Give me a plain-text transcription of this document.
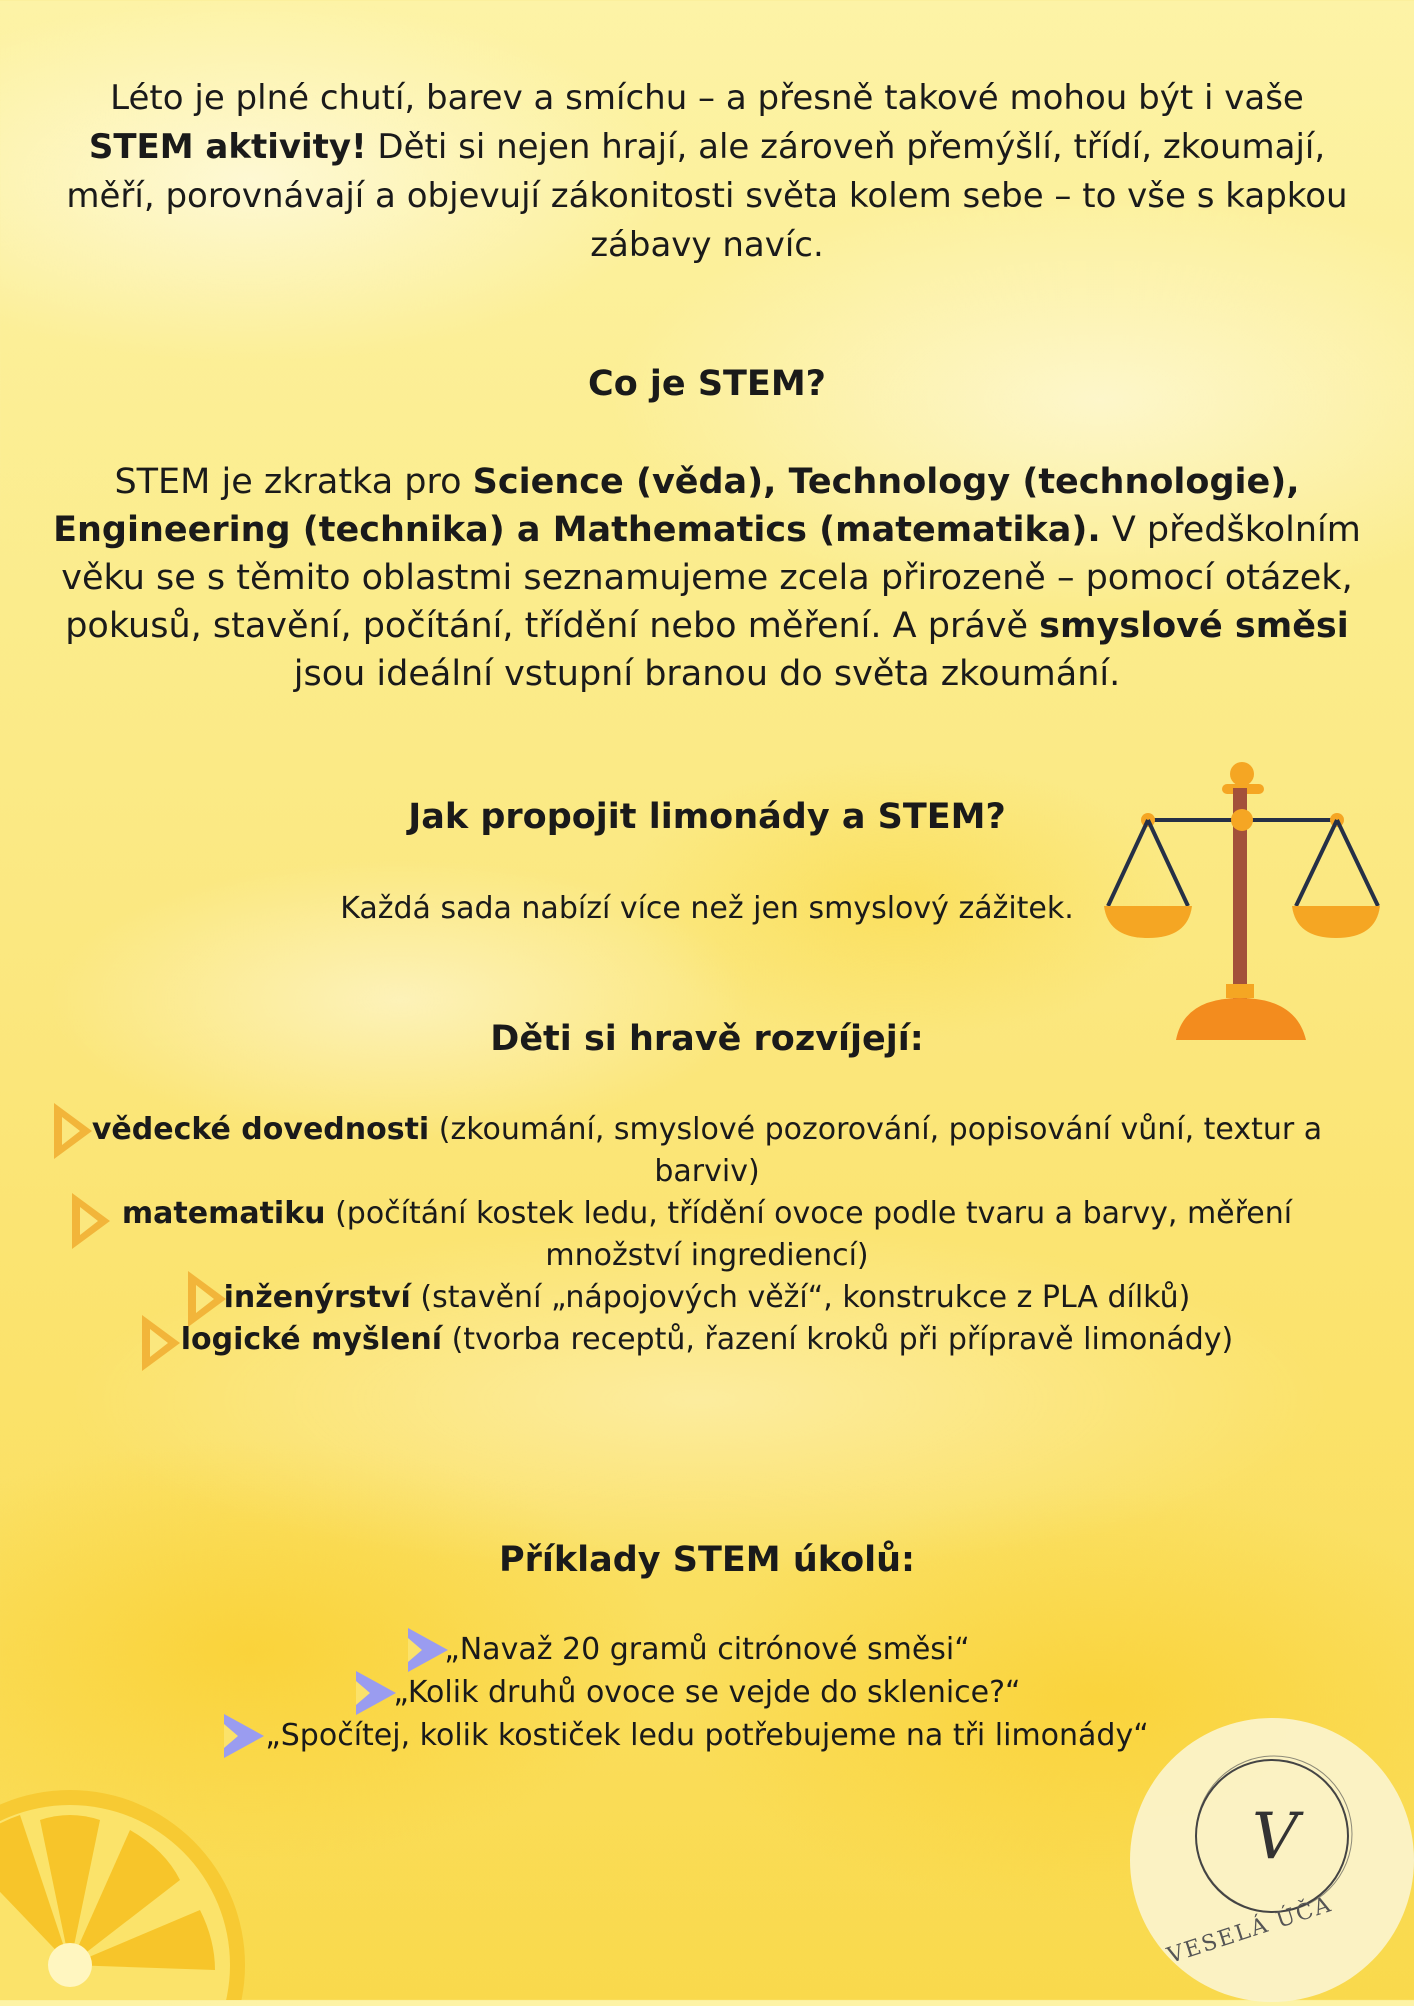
Léto je plné chutí, barev a smíchu – a přesně takové mohou být i vaše
STEM aktivity! Děti si nejen hrají, ale zároveň přemýšlí, třídí, zkoumají, měří, porovnávají a objevují zákonitosti světa kolem sebe – to vše s kapkou zábavy navíc.
Co je STEM?
STEM je zkratka pro Science (věda), Technology (technologie), Engineering (technika) a Mathematics (matematika). V předškolním věku se s těmito oblastmi seznamujeme zcela přirozeně – pomocí otázek, pokusů, stavění, počítání, třídění nebo měření. A právě smyslové směsi jsou ideální vstupní branou do světa zkoumání.
Jak propojit limonády a STEM?
Každá sada nabízí více než jen smyslový zážitek.
Děti si hravě rozvíjejí:
vědecké dovednosti (zkoumání, smyslové pozorování, popisování vůní, textur a
barviv)
matematiku (počítání kostek ledu, třídění ovoce podle tvaru a barvy, měření
množství ingrediencí)
inženýrství (stavění „nápojových věží“, konstrukce z PLA dílků)
logické myšlení (tvorba receptů, řazení kroků při přípravě limonády)
Příklady STEM úkolů:
„Navaž 20 gramů citrónové směsi“
„Kolik druhů ovoce se vejde do sklenice?“
„Spočítej, kolik kostiček ledu potřebujeme na tři limonády“
V
VESELÁ ÚČA
